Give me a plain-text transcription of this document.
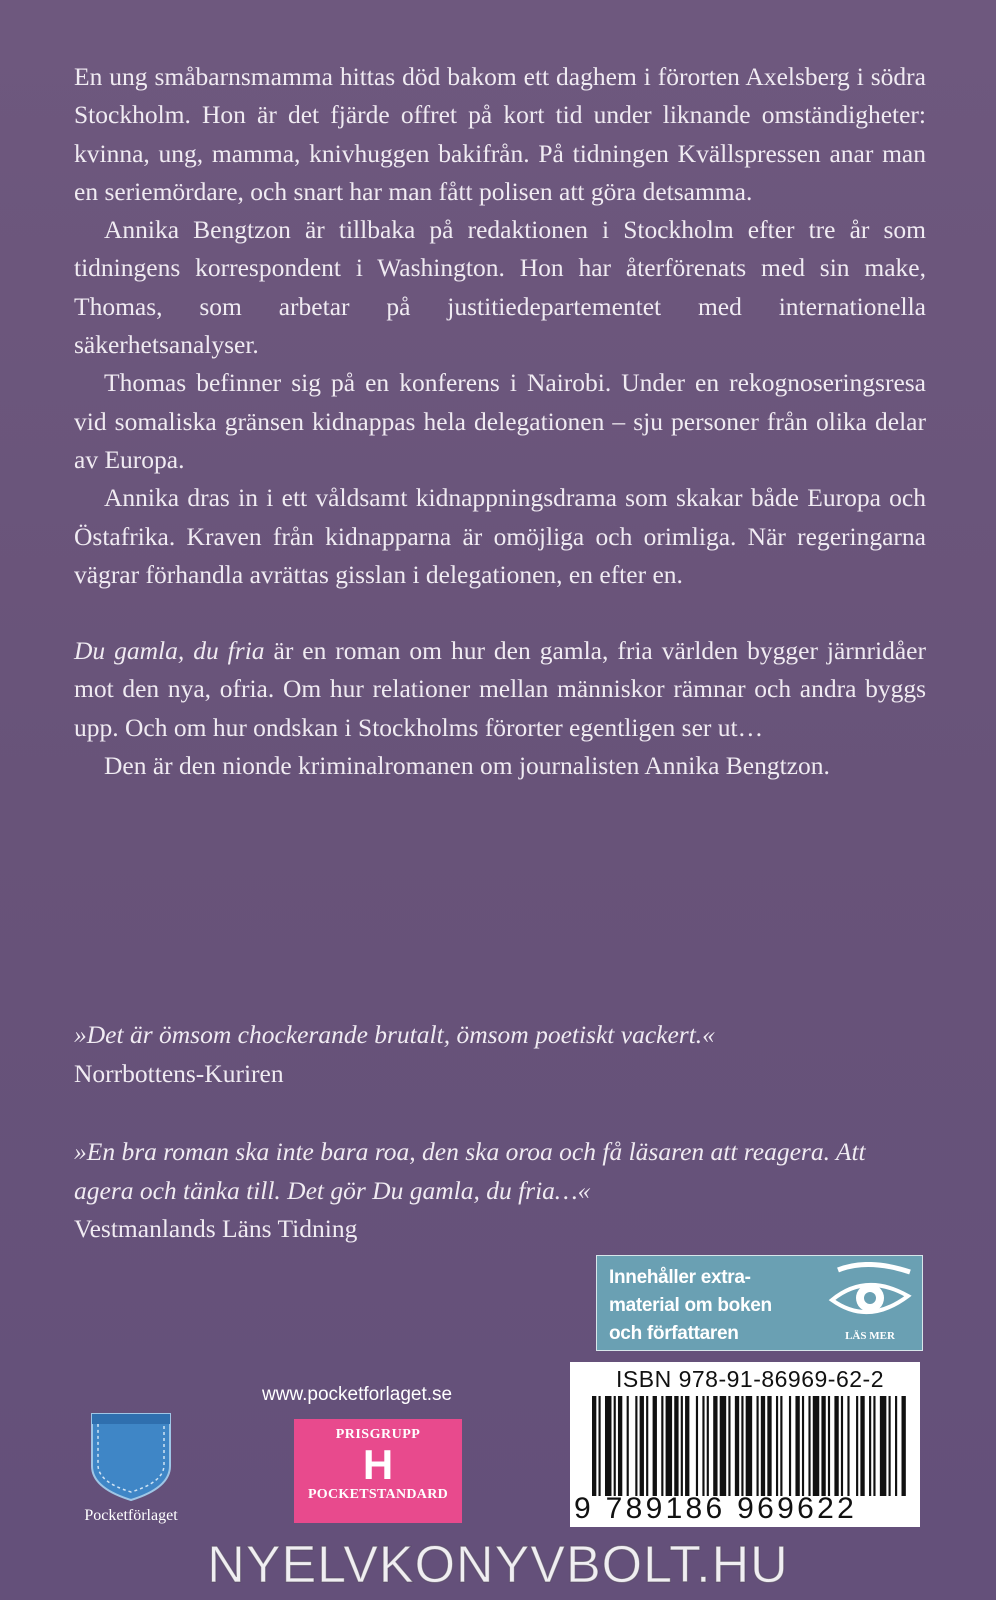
En ung småbarnsmamma hittas död bakom ett daghem i förorten Axelsberg i södra Stockholm. Hon är det fjärde offret på kort tid under liknande omständigheter: kvinna, ung, mamma, knivhuggen bakifrån. På tidningen Kvällspressen anar man en seriemördare, och snart har man fått polisen att göra detsamma.

Annika Bengtzon är tillbaka på redaktionen i Stockholm efter tre år som tidningens korrespondent i Washington. Hon har återförenats med sin make, Thomas, som arbetar på justitiedepartementet med internationella säkerhetsanalyser.

Thomas befinner sig på en konferens i Nairobi. Under en rekognoseringsresa vid somaliska gränsen kidnappas hela delegationen – sju personer från olika delar av Europa.

Annika dras in i ett våldsamt kidnappningsdrama som skakar både Europa och Östafrika. Kraven från kidnapparna är omöjliga och orimliga. När regeringarna vägrar förhandla avrättas gisslan i delegationen, en efter en.

Du gamla, du fria är en roman om hur den gamla, fria världen bygger järnridåer mot den nya, ofria. Om hur relationer mellan människor rämnar och andra byggs upp. Och om hur ondskan i Stockholms förorter egentligen ser ut…

Den är den nionde kriminalromanen om journalisten Annika Bengtzon.

»Det är ömsom chockerande brutalt, ömsom poetiskt vackert.«

Norrbottens-Kuriren

»En bra roman ska inte bara roa, den ska oroa och få läsaren att reagera. Att agera och tänka till. Det gör Du gamla, du fria…«

Vestmanlands Läns Tidning

Innehåller extra-material om boken och författaren	LÄS MER
ISBN 978-91-86969-62-2
9 789186 969622
www.pocketforlaget.se
PRISGRUPP
H
POCKETSTANDARD
Pocketförlaget
NYELVKONYVBOLT.HU
